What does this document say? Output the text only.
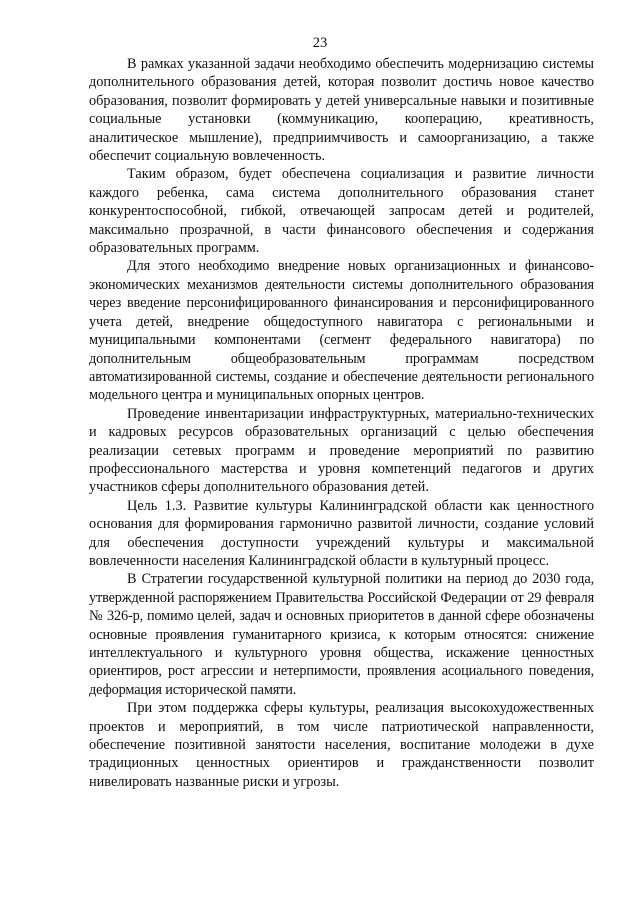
23

В рамках указанной задачи необходимо обеспечить модернизацию системы дополнительного образования детей, которая позволит достичь новое качество образования, позволит формировать у детей универсальные навыки и позитивные социальные установки (коммуникацию, кооперацию, креативность, аналитическое мышление), предприимчивость и самоорганизацию, а также обеспечит социальную вовлеченность.

Таким образом, будет обеспечена социализация и развитие личности каждого ребенка, сама система дополнительного образования станет конкурентоспособной, гибкой, отвечающей запросам детей и родителей, максимально прозрачной, в части финансового обеспечения и содержания образовательных программ.

Для этого необходимо внедрение новых организационных и финансово-экономических механизмов деятельности системы дополнительного образования через введение персонифицированного финансирования и персонифицированного учета детей, внедрение общедоступного навигатора с региональными и муниципальными компонентами (сегмент федерального навигатора) по дополнительным общеобразовательным программам посредством автоматизированной системы, создание и обеспечение деятельности регионального модельного центра и муниципальных опорных центров.

Проведение инвентаризации инфраструктурных, материально-технических и кадровых ресурсов образовательных организаций с целью обеспечения реализации сетевых программ и проведение мероприятий по развитию профессионального мастерства и уровня компетенций педагогов и других участников сферы дополнительного образования детей.

Цель 1.3. Развитие культуры Калининградской области как ценностного основания для формирования гармонично развитой личности, создание условий для обеспечения доступности учреждений культуры и максимальной вовлеченности населения Калининградской области в культурный процесс.

В Стратегии государственной культурной политики на период до 2030 года, утвержденной распоряжением Правительства Российской Федерации от 29 февраля № 326-р, помимо целей, задач и основных приоритетов в данной сфере обозначены основные проявления гуманитарного кризиса, к которым относятся: снижение интеллектуального и культурного уровня общества, искажение ценностных ориентиров, рост агрессии и нетерпимости, проявления асоциального поведения, деформация исторической памяти.

При этом поддержка сферы культуры, реализация высокохудожественных проектов и мероприятий, в том числе патриотической направленности, обеспечение позитивной занятости населения, воспитание молодежи в духе традиционных ценностных ориентиров и гражданственности позволит нивелировать названные риски и угрозы.
